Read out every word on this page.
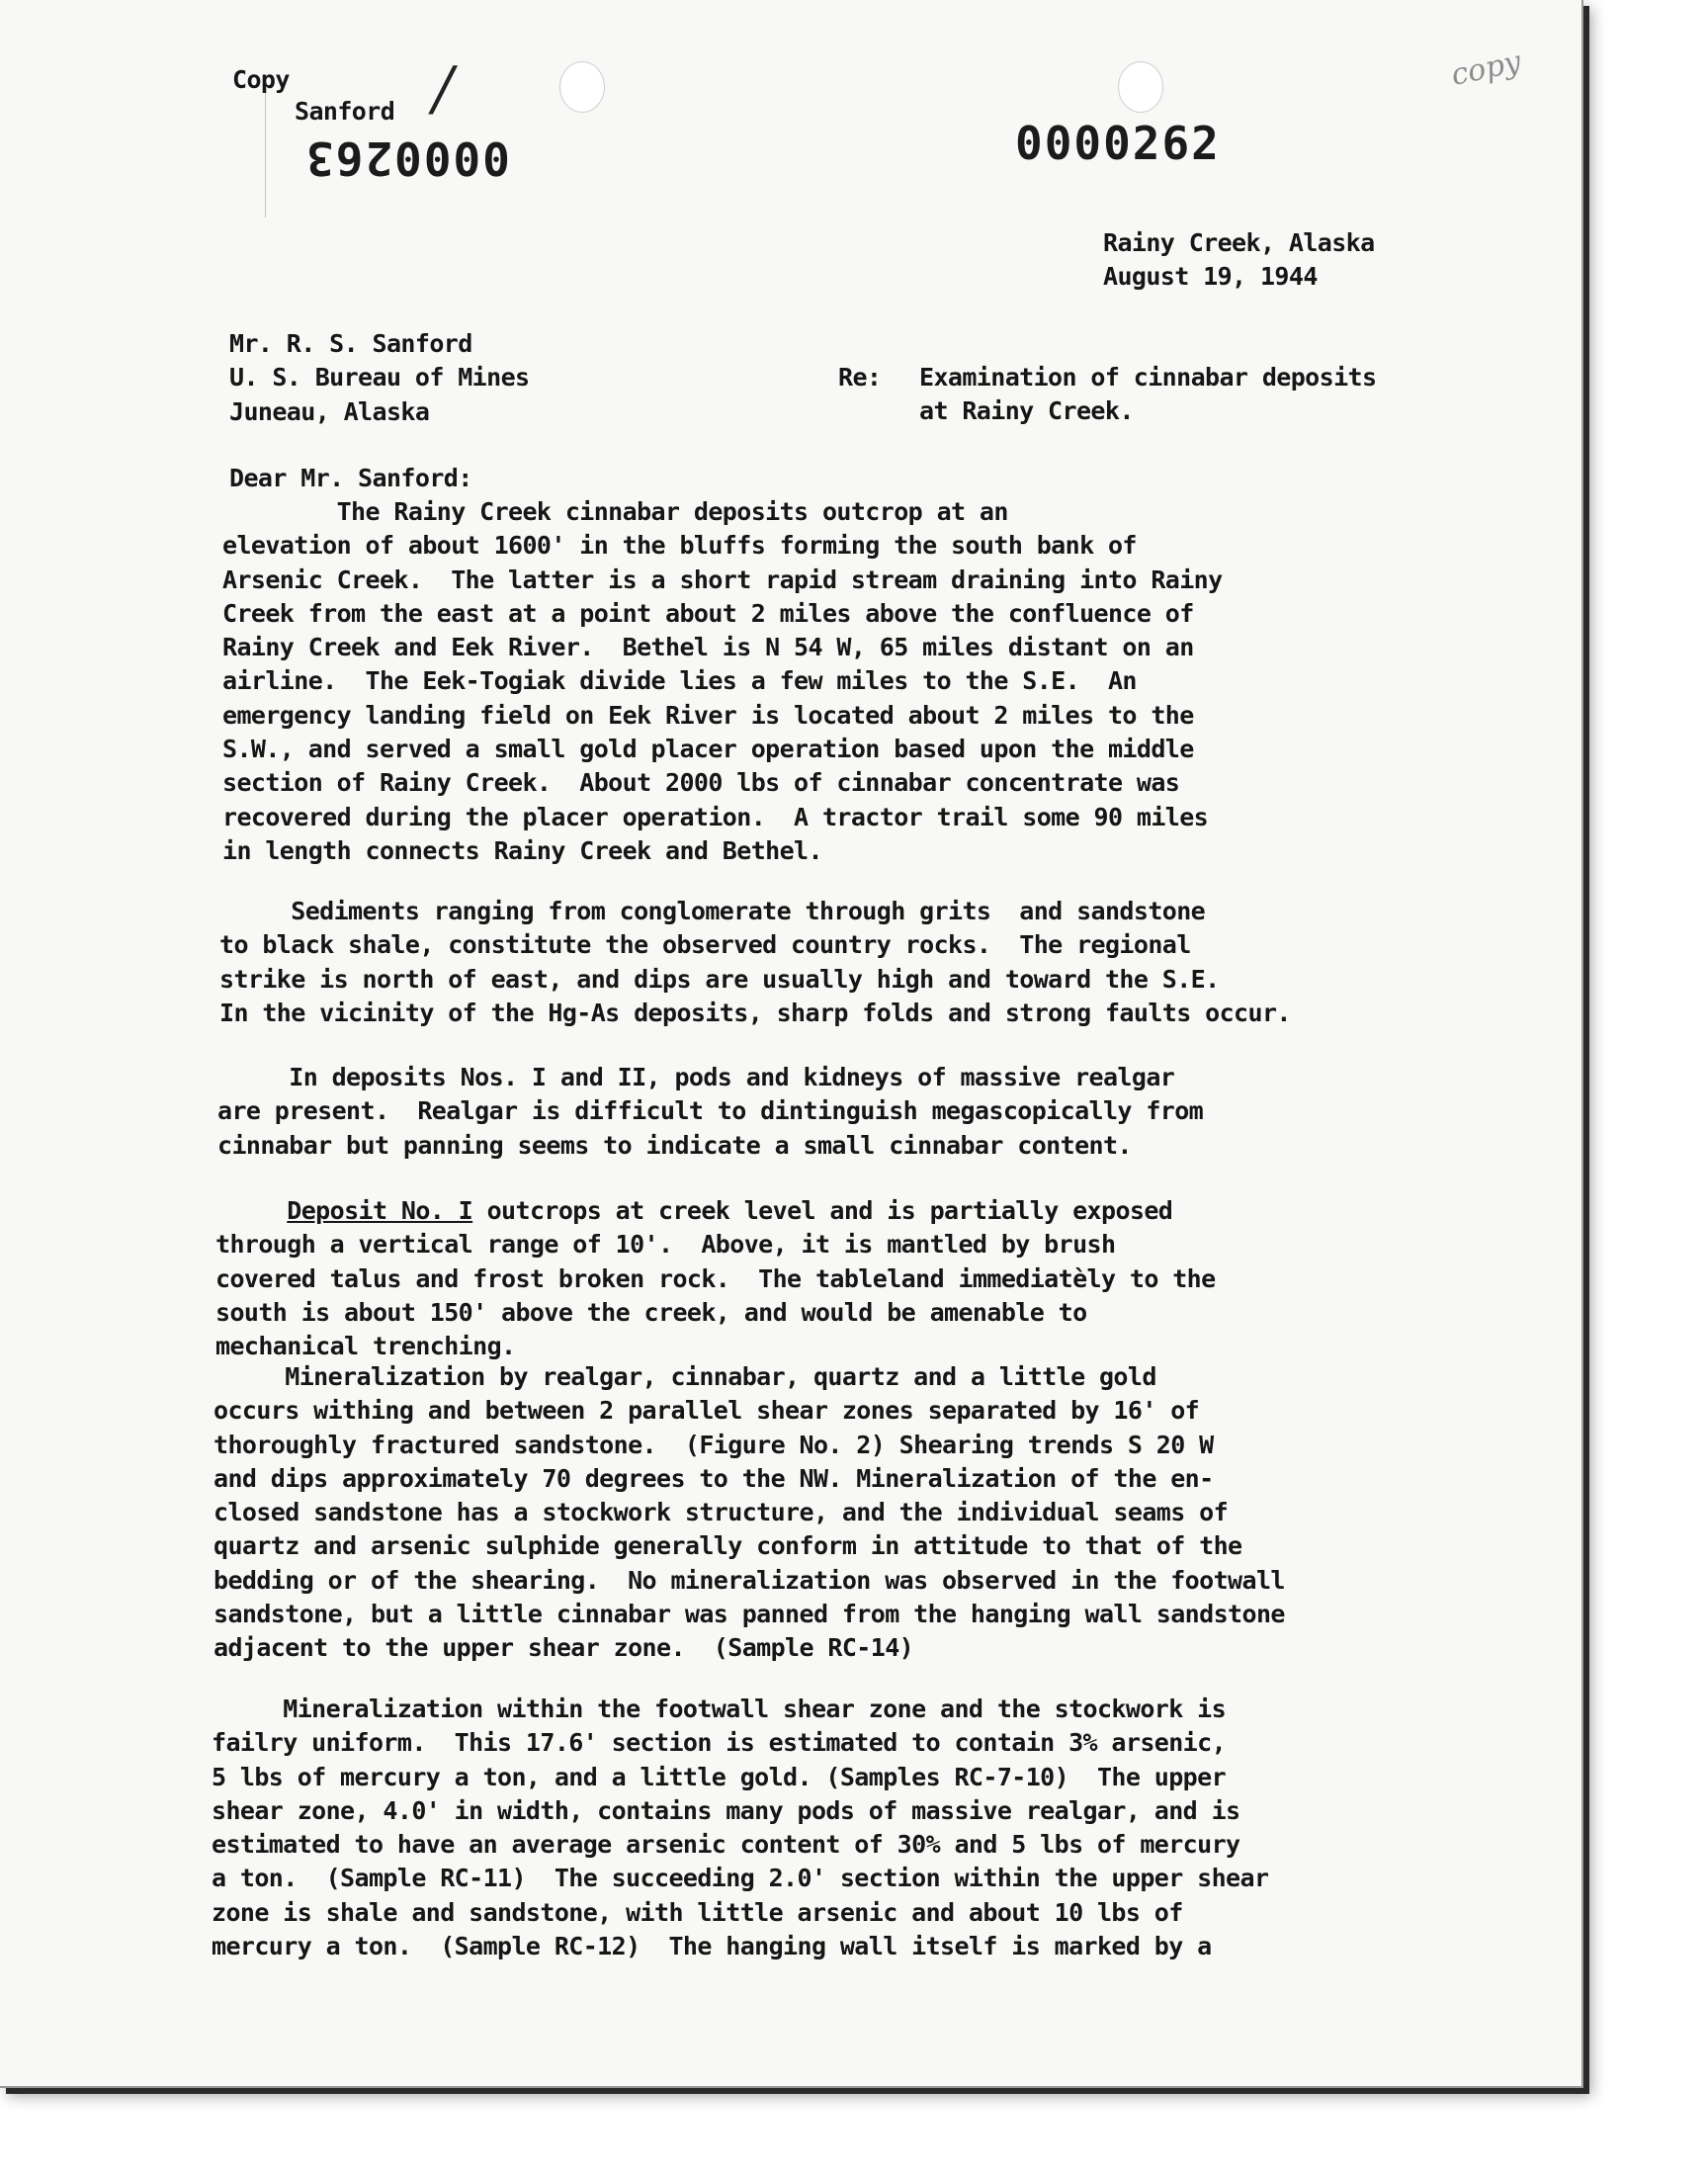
Copy
Sanford /
0000263	0000262
copy
Rainy Creek, Alaska
August 19, 1944
Mr. R. S. Sanford
U. S. Bureau of Mines
Juneau, Alaska
Re: Examination of cinnabar deposits
at Rainy Creek.
Dear Mr. Sanford:
The Rainy Creek cinnabar deposits outcrop at an
elevation of about 1600' in the bluffs forming the south bank of
Arsenic Creek.  The latter is a short rapid stream draining into Rainy
Creek from the east at a point about 2 miles above the confluence of
Rainy Creek and Eek River.  Bethel is N 54 W, 65 miles distant on an
airline.  The Eek-Togiak divide lies a few miles to the S.E.  An
emergency landing field on Eek River is located about 2 miles to the
S.W., and served a small gold placer operation based upon the middle
section of Rainy Creek.  About 2000 lbs of cinnabar concentrate was
recovered during the placer operation.  A tractor trail some 90 miles
in length connects Rainy Creek and Bethel.
Sediments ranging from conglomerate through grits  and sandstone
to black shale, constitute the observed country rocks.  The regional
strike is north of east, and dips are usually high and toward the S.E.
In the vicinity of the Hg-As deposits, sharp folds and strong faults occur.
In deposits Nos. I and II, pods and kidneys of massive realgar
are present.  Realgar is difficult to dintinguish megascopically from
cinnabar but panning seems to indicate a small cinnabar content.
Deposit No. I outcrops at creek level and is partially exposed
through a vertical range of 10'.  Above, it is mantled by brush
covered talus and frost broken rock.  The tableland immediatèly to the
south is about 150' above the creek, and would be amenable to
mechanical trenching.
Mineralization by realgar, cinnabar, quartz and a little gold
occurs withing and between 2 parallel shear zones separated by 16' of
thoroughly fractured sandstone.  (Figure No. 2) Shearing trends S 20 W
and dips approximately 70 degrees to the NW. Mineralization of the en-
closed sandstone has a stockwork structure, and the individual seams of
quartz and arsenic sulphide generally conform in attitude to that of the
bedding or of the shearing.  No mineralization was observed in the footwall
sandstone, but a little cinnabar was panned from the hanging wall sandstone
adjacent to the upper shear zone.  (Sample RC-14)
Mineralization within the footwall shear zone and the stockwork is
failry uniform.  This 17.6' section is estimated to contain 3% arsenic,
5 lbs of mercury a ton, and a little gold. (Samples RC-7-10)  The upper
shear zone, 4.0' in width, contains many pods of massive realgar, and is
estimated to have an average arsenic content of 30% and 5 lbs of mercury
a ton.  (Sample RC-11)  The succeeding 2.0' section within the upper shear
zone is shale and sandstone, with little arsenic and about 10 lbs of
mercury a ton.  (Sample RC-12)  The hanging wall itself is marked by a
